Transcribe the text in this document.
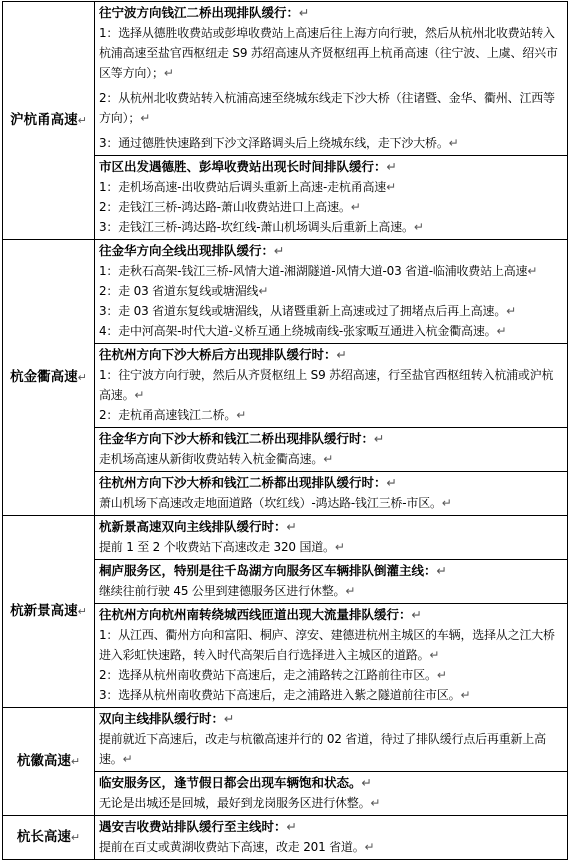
沪杭甬高速↵	往宁波方向钱江二桥出现排队缓行：↵
1：选择从德胜收费站或彭埠收费站上高速后往上海方向行驶，然后从杭州北收费站转入杭浦高速至盐官西枢纽走 S9 苏绍高速从齐贤枢纽再上杭甬高速（往宁波、上虞、绍兴市区等方向）；↵
2：从杭州北收费站转入杭浦高速至绕城东线走下沙大桥（往诸暨、金华、衢州、江西等方向）；↵
3：通过德胜快速路到下沙文泽路调头后上绕城东线，走下沙大桥。↵

	市区出发遇德胜、彭埠收费站出现长时间排队缓行：↵
1：走机场高速-出收费站后调头重新上高速-走杭甬高速↵
2：走钱江三桥-鸿达路-萧山收费站进口上高速。↵
3：走钱江三桥-鸿达路-坎红线-萧山机场调头后重新上高速。↵

杭金衢高速↵	往金华方向全线出现排队缓行：↵
1：走秋石高架-钱江三桥-风情大道-湘湖隧道-风情大道-03 省道-临浦收费站上高速↵
2：走 03 省道东复线或塘湄线↵
3：走 03 省道东复线或塘湄线，从诸暨重新上高速或过了拥堵点后再上高速。↵
4：走中河高架-时代大道-义桥互通上绕城南线-张家畈互通进入杭金衢高速。↵

	往杭州方向下沙大桥后方出现排队缓行时：↵
1：往宁波方向行驶，然后从齐贤枢纽上 S9 苏绍高速，行至盐官西枢纽转入杭浦或沪杭高速。↵
2：走杭甬高速钱江二桥。↵

	往金华方向下沙大桥和钱江二桥出现排队缓行时：↵
走机场高速从新街收费站转入杭金衢高速。↵

	往杭州方向下沙大桥和钱江二桥都出现排队缓行时：↵
萧山机场下高速改走地面道路（坎红线）-鸿达路-钱江三桥-市区。↵

杭新景高速↵	杭新景高速双向主线排队缓行时：↵
提前 1 至 2 个收费站下高速改走 320 国道。↵

	桐庐服务区，特别是往千岛湖方向服务区车辆排队倒灌主线：↵
继续往前行驶 45 公里到建德服务区进行休整。↵

	往杭州方向杭州南转绕城西线匝道出现大流量排队缓行：↵
1：从江西、衢州方向和富阳、桐庐、淳安、建德进杭州主城区的车辆，选择从之江大桥进入彩虹快速路，转入时代高架后自行选择进入主城区的道路。↵
2：选择从杭州南收费站下高速后，走之浦路转之江路前往市区。↵
3：选择从杭州南收费站下高速后，走之浦路进入紫之隧道前往市区。↵

杭徽高速↵	双向主线排队缓行时：↵
提前就近下高速后，改走与杭徽高速并行的 02 省道，待过了排队缓行点后再重新上高速。↵

	临安服务区，逢节假日都会出现车辆饱和状态。↵
无论是出城还是回城，最好到龙岗服务区进行休整。↵

杭长高速↵	遇安吉收费站排队缓行至主线时：↵
提前在百丈或黄湖收费站下高速，改走 201 省道。↵
